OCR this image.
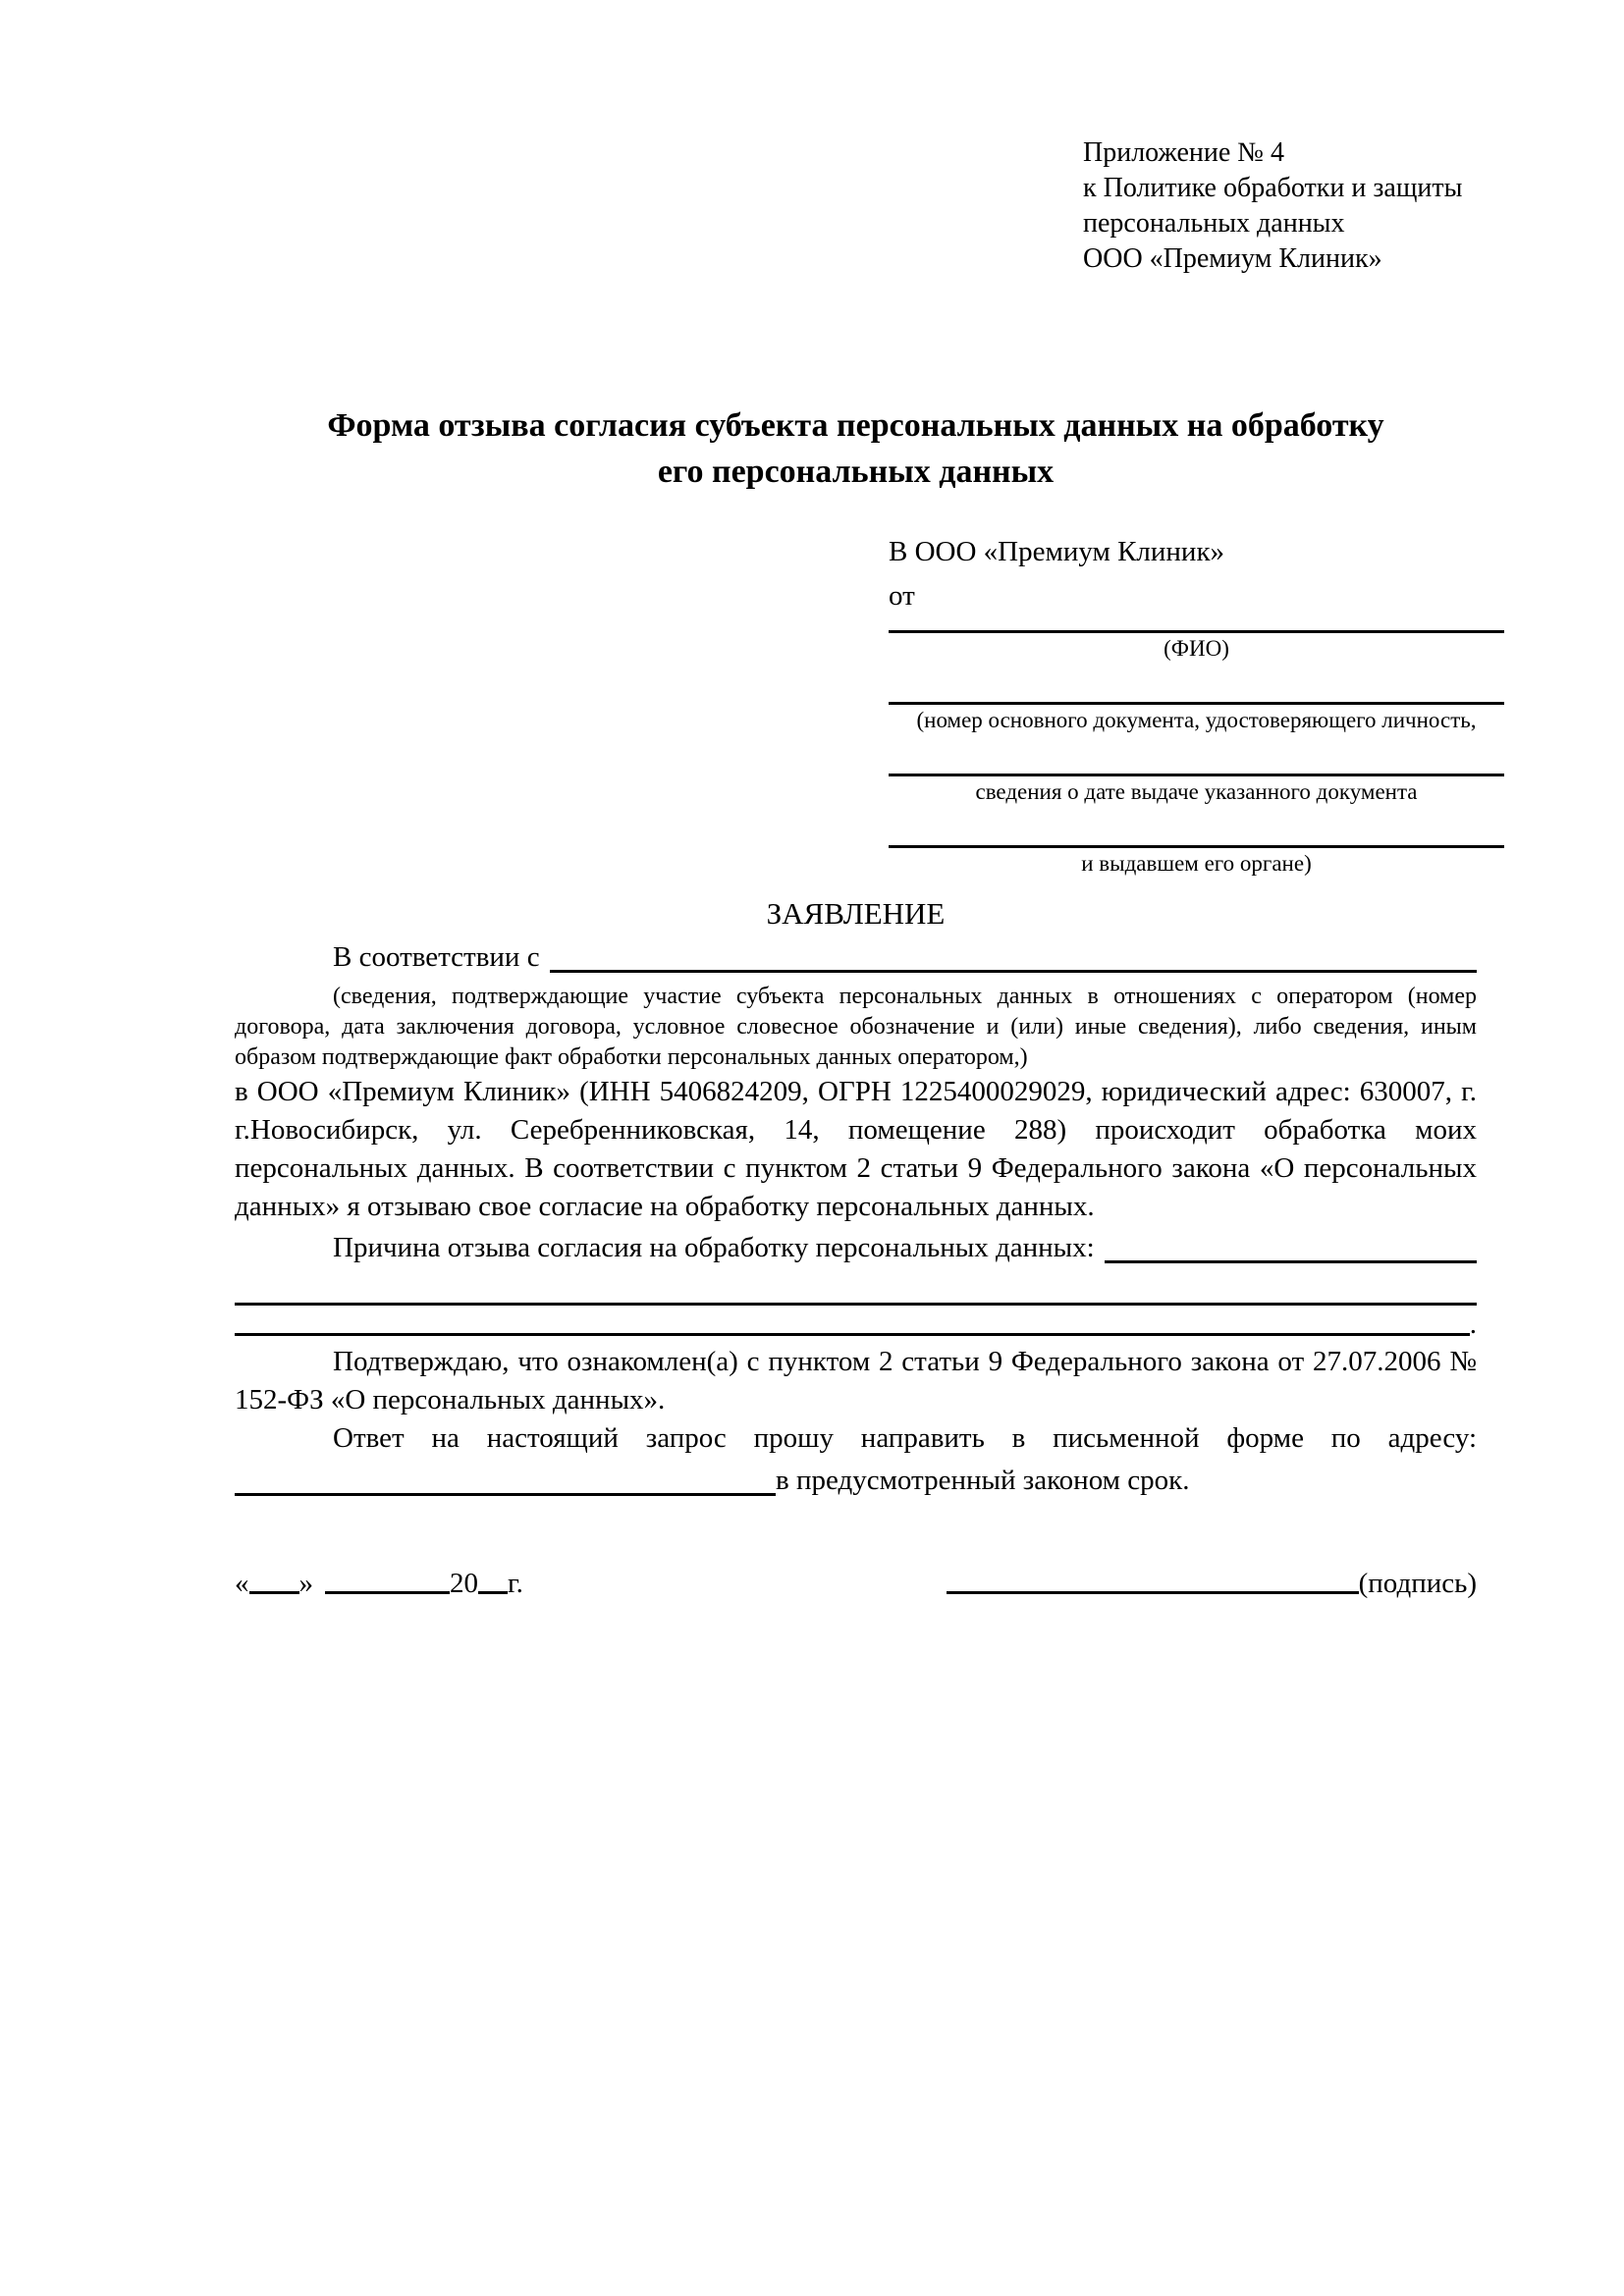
Приложение № 4
к Политике обработки и защиты
персональных данных
ООО «Премиум Клиник»
Форма отзыва согласия субъекта персональных данных на обработку
его персональных данных
В ООО «Премиум Клиник»
от
(ФИО)
(номер основного документа, удостоверяющего личность,
сведения о дате выдаче указанного документа
и выдавшем его органе)
ЗАЯВЛЕНИЕ
В соответствии с

(сведения, подтверждающие участие субъекта персональных данных в отношениях с оператором (номер договора, дата заключения договора, условное словесное обозначение и (или) иные сведения), либо сведения, иным образом подтверждающие факт обработки персональных данных оператором,)

в ООО «Премиум Клиник» (ИНН 5406824209, ОГРН 1225400029029, юридический адрес: 630007, г. г.Новосибирск, ул. Серебренниковская, 14, помещение 288) происходит обработка моих персональных данных. В соответствии с пунктом 2 статьи 9 Федерального закона «О персональных данных» я отзываю свое согласие на обработку персональных данных.

Причина отзыва согласия на обработку персональных данных:
.

Подтверждаю, что ознакомлен(а) с пунктом 2 статьи 9 Федерального закона от 27.07.2006 № 152-ФЗ «О персональных данных».

Ответ на настоящий запрос прошу направить в письменной форме по адресу:

в предусмотренный законом срок.
« »	20 г.	(подпись)
